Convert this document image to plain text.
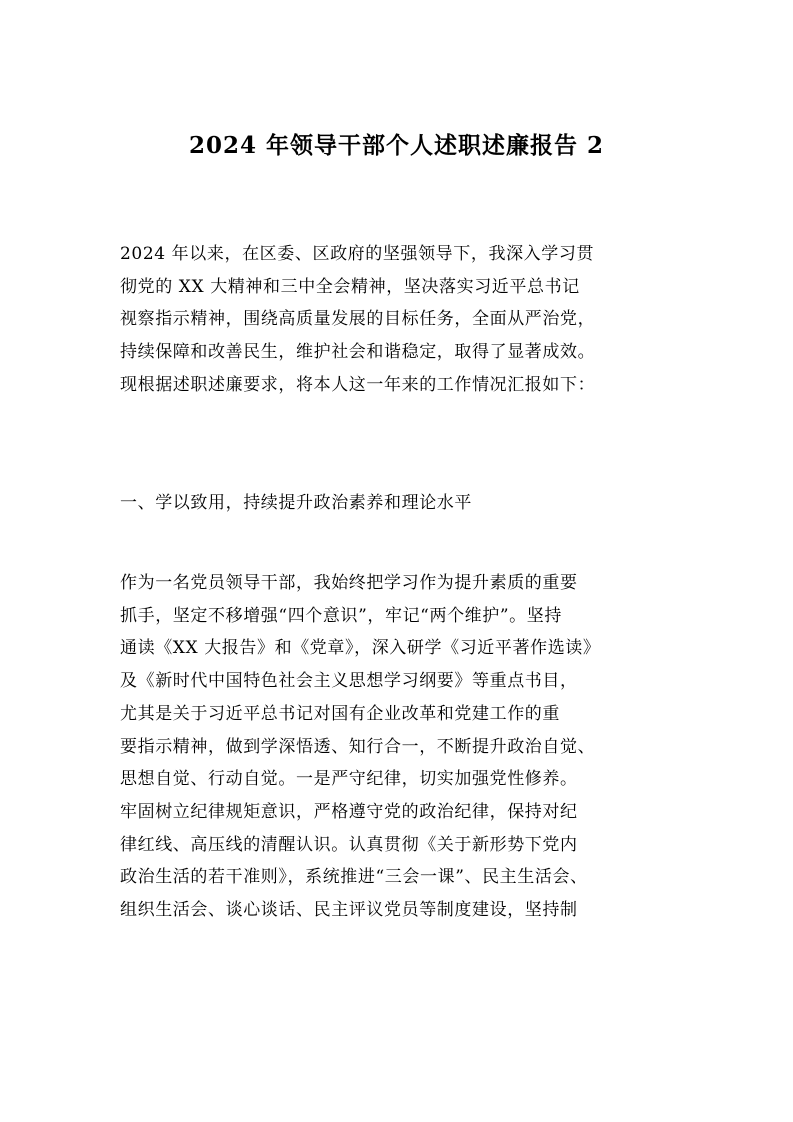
2024 年领导干部个人述职述廉报告 2
2024 年以来，在区委、区政府的坚强领导下，我深入学习贯
彻党的 XX 大精神和三中全会精神，坚决落实习近平总书记
视察指示精神，围绕高质量发展的目标任务，全面从严治党，
持续保障和改善民生，维护社会和谐稳定，取得了显著成效。
现根据述职述廉要求，将本人这一年来的工作情况汇报如下：
一、学以致用，持续提升政治素养和理论水平
作为一名党员领导干部，我始终把学习作为提升素质的重要
抓手，坚定不移增强“四个意识”，牢记“两个维护”。坚持
通读《XX 大报告》和《党章》，深入研学《习近平著作选读》
及《新时代中国特色社会主义思想学习纲要》等重点书目，
尤其是关于习近平总书记对国有企业改革和党建工作的重
要指示精神，做到学深悟透、知行合一，不断提升政治自觉、
思想自觉、行动自觉。一是严守纪律，切实加强党性修养。
牢固树立纪律规矩意识，严格遵守党的政治纪律，保持对纪
律红线、高压线的清醒认识。认真贯彻《关于新形势下党内
政治生活的若干准则》，系统推进“三会一课”、民主生活会、
组织生活会、谈心谈话、民主评议党员等制度建设，坚持制
